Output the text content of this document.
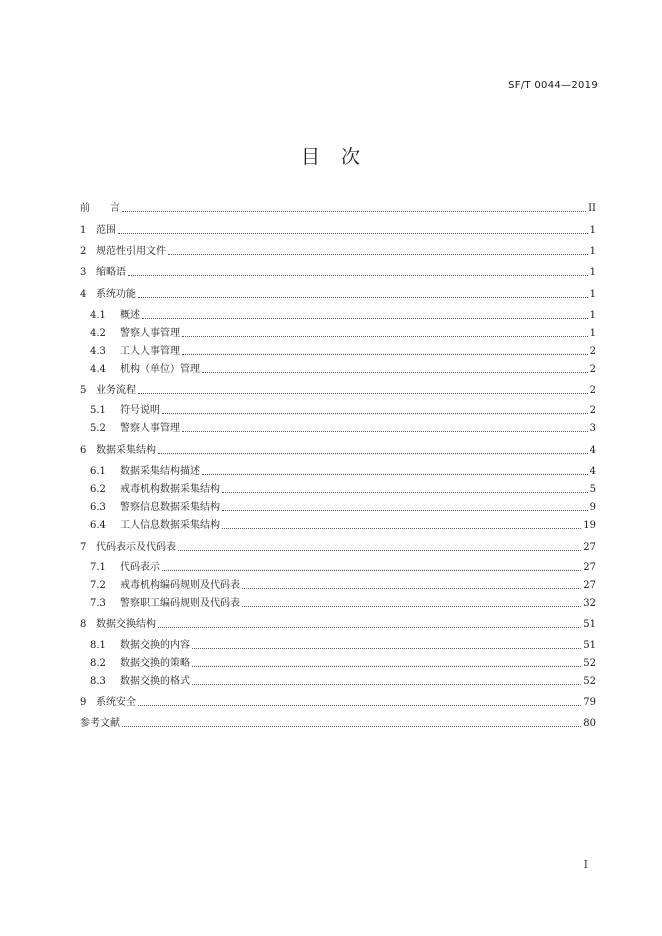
SF/T 0044—2019
目　次
前	言	II
1 范围	1
2 规范性引用文件	1
3 缩略语	1
4 系统功能	1
4.1	概述	1
4.2	警察人事管理	1
4.3	工人人事管理	2
4.4	机构（单位）管理	2
5 业务流程	2
5.1	符号说明	2
5.2	警察人事管理	3
6 数据采集结构	4
6.1	数据采集结构描述	4
6.2	戒毒机构数据采集结构	5
6.3	警察信息数据采集结构	9
6.4	工人信息数据采集结构	19
7 代码表示及代码表	27
7.1	代码表示	27
7.2	戒毒机构编码规则及代码表	27
7.3	警察职工编码规则及代码表	32
8 数据交换结构	51
8.1	数据交换的内容	51
8.2	数据交换的策略	52
8.3	数据交换的格式	52
9 系统安全	79
参考文献	80
I
